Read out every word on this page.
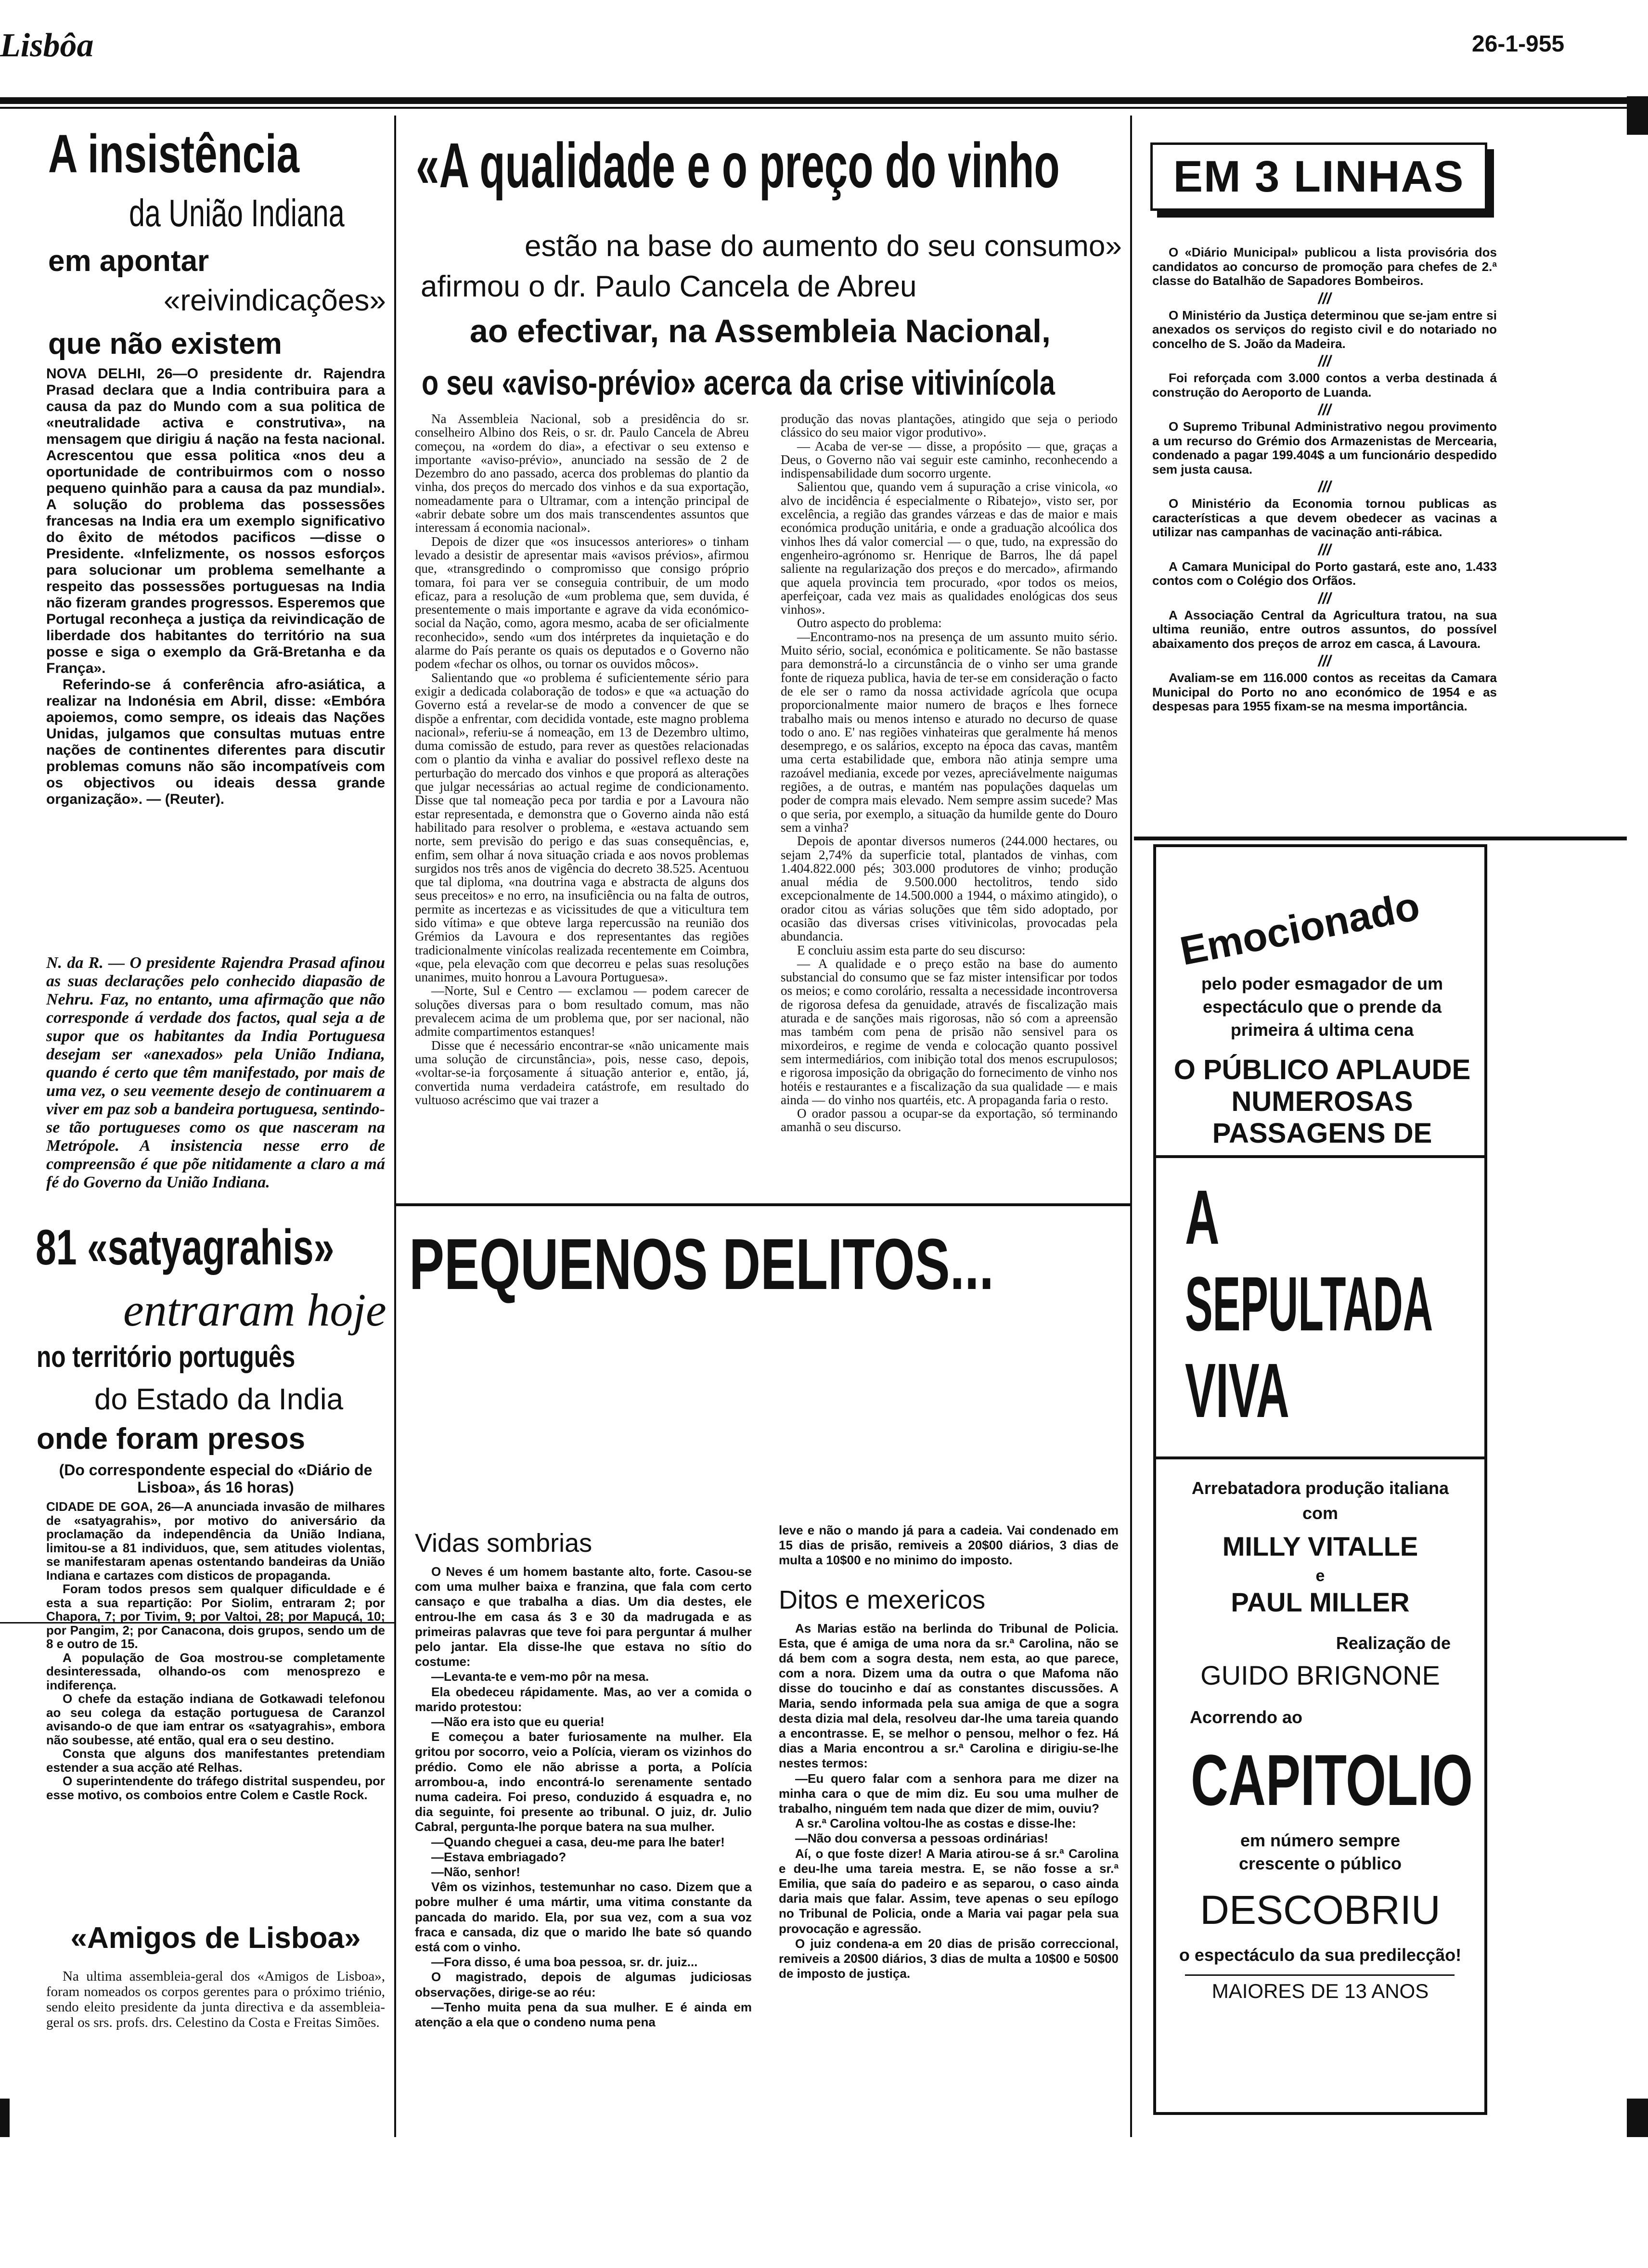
Lisbôa	26-1-955
A insistência
da União Indiana
em apontar
«reivindicações»
que não existem

NOVA DELHI, 26—O presidente dr. Rajendra Prasad declara que a India contribuira para a causa da paz do Mundo com a sua politica de «neutralidade activa e construtiva», na mensagem que dirigiu á nação na festa nacional. Acrescentou que essa politica «nos deu a oportunidade de contribuirmos com o nosso pequeno quinhão para a causa da paz mundial». A solução do problema das possessões francesas na India era um exemplo significativo do êxito de métodos pacificos —disse o Presidente. «Infelizmente, os nossos esforços para solucionar um problema semelhante a respeito das possessões portuguesas na India não fizeram grandes progressos. Esperemos que Portugal reconheça a justiça da reivindicação de liberdade dos habitantes do território na sua posse e siga o exemplo da Grã-Bretanha e da França».

Referindo-se á conferência afro-asiática, a realizar na Indonésia em Abril, disse: «Embóra apoiemos, como sempre, os ideais das Nações Unidas, julgamos que consultas mutuas entre nações de continentes diferentes para discutir problemas comuns não são incompatíveis com os objectivos ou ideais dessa grande organização». — (Reuter).

N. da R. — O presidente Rajendra Prasad afinou as suas declarações pelo conhecido diapasão de Nehru. Faz, no entanto, uma afirmação que não corresponde á verdade dos factos, qual seja a de supor que os habitantes da India Portuguesa desejam ser «anexados» pela União Indiana, quando é certo que têm manifestado, por mais de uma vez, o seu veemente desejo de continuarem a viver em paz sob a bandeira portuguesa, sentindo-se tão portugueses como os que nasceram na Metrópole. A insistencia nesse erro de compreensão é que põe nitidamente a claro a má fé do Governo da União Indiana.
81 «satyagrahis»
entraram hoje
no território português
do Estado da India
onde foram presos
(Do correspondente especial do «Diário de Lisboa», ás 16 horas)

CIDADE DE GOA, 26—A anunciada invasão de milhares de «satyagrahis», por motivo do aniversário da proclamação da independência da União Indiana, limitou-se a 81 individuos, que, sem atitudes violentas, se manifestaram apenas ostentando bandeiras da União Indiana e cartazes com disticos de propaganda.

Foram todos presos sem qualquer dificuldade e é esta a sua repartição: Por Siolim, entraram 2; por Chapora, 7; por Tivim, 9; por Valtoi, 28; por Mapuçá, 10; por Pangim, 2; por Canacona, dois grupos, sendo um de 8 e outro de 15.

A população de Goa mostrou-se completamente desinteressada, olhando-os com menosprezo e indiferença.

O chefe da estação indiana de Gotkawadi telefonou ao seu colega da estação portuguesa de Caranzol avisando-o de que iam entrar os «satyagrahis», embora não soubesse, até então, qual era o seu destino.

Consta que alguns dos manifestantes pretendiam estender a sua acção até Relhas.

O superintendente do tráfego distrital suspendeu, por esse motivo, os comboios entre Colem e Castle Rock.

«Amigos de Lisboa»
Na ultima assembleia-geral dos «Amigos de Lisboa», foram nomeados os corpos gerentes para o próximo triénio, sendo eleito presidente da junta directiva e da assembleia-geral os srs. profs. drs. Celestino da Costa e Freitas Simões.
«A qualidade e o preço do vinho
estão na base do aumento do seu consumo»
afirmou o dr. Paulo Cancela de Abreu
ao efectivar, na Assembleia Nacional,
o seu «aviso-prévio» acerca da crise vitivinícola

Na Assembleia Nacional, sob a presidência do sr. conselheiro Albino dos Reis, o sr. dr. Paulo Cancela de Abreu começou, na «ordem do dia», a efectivar o seu extenso e importante «aviso-prévio», anunciado na sessão de 2 de Dezembro do ano passado, acerca dos problemas do plantio da vinha, dos preços do mercado dos vinhos e da sua exportação, nomeadamente para o Ultramar, com a intenção principal de «abrir debate sobre um dos mais transcendentes assuntos que interessam á economia nacional».

Depois de dizer que «os insucessos anteriores» o tinham levado a desistir de apresentar mais «avisos prévios», afirmou que, «transgredindo o compromisso que consigo próprio tomara, foi para ver se conseguia contribuir, de um modo eficaz, para a resolução de «um problema que, sem duvida, é presentemente o mais importante e agrave da vida económico-social da Nação, como, agora mesmo, acaba de ser oficialmente reconhecido», sendo «um dos intérpretes da inquietação e do alarme do País perante os quais os deputados e o Governo não podem «fechar os olhos, ou tornar os ouvidos môcos».

Salientando que «o problema é suficientemente sério para exigir a dedicada colaboração de todos» e que «a actuação do Governo está a revelar-se de modo a convencer de que se dispõe a enfrentar, com decidida vontade, este magno problema nacional», referiu-se á nomeação, em 13 de Dezembro ultimo, duma comissão de estudo, para rever as questões relacionadas com o plantio da vinha e avaliar do possivel reflexo deste na perturbação do mercado dos vinhos e que proporá as alterações que julgar necessárias ao actual regime de condicionamento. Disse que tal nomeação peca por tardia e por a Lavoura não estar representada, e demonstra que o Governo ainda não está habilitado para resolver o problema, e «estava actuando sem norte, sem previsão do perigo e das suas consequências, e, enfim, sem olhar á nova situação criada e aos novos problemas surgidos nos três anos de vigência do decreto 38.525. Acentuou que tal diploma, «na doutrina vaga e abstracta de alguns dos seus preceitos» e no erro, na insuficiência ou na falta de outros, permite as incertezas e as vicissitudes de que a viticultura tem sido vítima» e que obteve larga repercussão na reunião dos Grémios da Lavoura e dos representantes das regiões tradicionalmente vinícolas realizada recentemente em Coimbra, «que, pela elevação com que decorreu e pelas suas resoluções unanimes, muito honrou a Lavoura Portuguesa».

—Norte, Sul e Centro — exclamou — podem carecer de soluções diversas para o bom resultado comum, mas não prevalecem acima de um problema que, por ser nacional, não admite compartimentos estanques!

Disse que é necessário encontrar-se «não unicamente mais uma solução de circunstância», pois, nesse caso, depois, «voltar-se-ia forçosamente á situação anterior e, então, já, convertida numa verdadeira catástrofe, em resultado do vultuoso acréscimo que vai trazer a

produção das novas plantações, atingido que seja o periodo clássico do seu maior vigor produtivo».

— Acaba de ver-se — disse, a propósito — que, graças a Deus, o Governo não vai seguir este caminho, reconhecendo a indispensabilidade dum socorro urgente.

Salientou que, quando vem á supuração a crise vinicola, «o alvo de incidência é especialmente o Ribatejo», visto ser, por excelência, a região das grandes várzeas e das de maior e mais económica produção unitária, e onde a graduação alcoólica dos vinhos lhes dá valor comercial — o que, tudo, na expressão do engenheiro-agrónomo sr. Henrique de Barros, lhe dá papel saliente na regularização dos preços e do mercado», afirmando que aquela provincia tem procurado, «por todos os meios, aperfeiçoar, cada vez mais as qualidades enológicas dos seus vinhos».

Outro aspecto do problema:

—Encontramo-nos na presença de um assunto muito sério. Muito sério, social, económica e politicamente. Se não bastasse para demonstrá-lo a circunstância de o vinho ser uma grande fonte de riqueza publica, havia de ter-se em consideração o facto de ele ser o ramo da nossa actividade agrícola que ocupa proporcionalmente maior numero de braços e lhes fornece trabalho mais ou menos intenso e aturado no decurso de quase todo o ano. E' nas regiões vinhateiras que geralmente há menos desemprego, e os salários, excepto na época das cavas, mantêm uma certa estabilidade que, embora não atinja sempre uma razoável mediania, excede por vezes, apreciávelmente naigumas regiões, a de outras, e mantém nas populações daquelas um poder de compra mais elevado. Nem sempre assim sucede? Mas o que seria, por exemplo, a situação da humilde gente do Douro sem a vinha?

Depois de apontar diversos numeros (244.000 hectares, ou sejam 2,74% da superficie total, plantados de vinhas, com 1.404.822.000 pés; 303.000 produtores de vinho; produção anual média de 9.500.000 hectolitros, tendo sido excepcionalmente de 14.500.000 a 1944, o máximo atingido), o orador citou as várias soluções que têm sido adoptado, por ocasião das diversas crises vitivinicolas, provocadas pela abundancia.

E concluiu assim esta parte do seu discurso:

— A qualidade e o preço estão na base do aumento substancial do consumo que se faz mister intensificar por todos os meios; e como corolário, ressalta a necessidade incontroversa de rigorosa defesa da genuidade, através de fiscalização mais aturada e de sanções mais rigorosas, não só com a apreensão mas também com pena de prisão não sensivel para os mixordeiros, e regime de venda e colocação quanto possivel sem intermediários, com inibição total dos menos escrupulosos; e rigorosa imposição da obrigação do fornecimento de vinho nos hotéis e restaurantes e a fiscalização da sua qualidade — e mais ainda — do vinho nos quartéis, etc. A propaganda faria o resto.

O orador passou a ocupar-se da exportação, só terminando amanhã o seu discurso.

PEQUENOS DELITOS...
Vidas sombrias

O Neves é um homem bastante alto, forte. Casou-se com uma mulher baixa e franzina, que fala com certo cansaço e que trabalha a dias. Um dia destes, ele entrou-lhe em casa ás 3 e 30 da madrugada e as primeiras palavras que teve foi para perguntar á mulher pelo jantar. Ela disse-lhe que estava no sítio do costume:

—Levanta-te e vem-mo pôr na mesa.

Ela obedeceu rápidamente. Mas, ao ver a comida o marido protestou:

—Não era isto que eu queria!

E começou a bater furiosamente na mulher. Ela gritou por socorro, veio a Polícia, vieram os vizinhos do prédio. Como ele não abrisse a porta, a Polícia arrombou-a, indo encontrá-lo serenamente sentado numa cadeira. Foi preso, conduzido á esquadra e, no dia seguinte, foi presente ao tribunal. O juiz, dr. Julio Cabral, pergunta-lhe porque batera na sua mulher.

—Quando cheguei a casa, deu-me para lhe bater!

—Estava embriagado?

—Não, senhor!

Vêm os vizinhos, testemunhar no caso. Dizem que a pobre mulher é uma mártir, uma vitima constante da pancada do marido. Ela, por sua vez, com a sua voz fraca e cansada, diz que o marido lhe bate só quando está com o vinho.

—Fora disso, é uma boa pessoa, sr. dr. juiz...

O magistrado, depois de algumas judiciosas observações, dirige-se ao réu:

—Tenho muita pena da sua mulher. E é ainda em atenção a ela que o condeno numa pena

leve e não o mando já para a cadeia. Vai condenado em 15 dias de prisão, remiveis a 20$00 diários, 3 dias de multa a 10$00 e no minimo do imposto.
Ditos e mexericos

As Marias estão na berlinda do Tribunal de Policia. Esta, que é amiga de uma nora da sr.ª Carolina, não se dá bem com a sogra desta, nem esta, ao que parece, com a nora. Dizem uma da outra o que Mafoma não disse do toucinho e daí as constantes discussões. A Maria, sendo informada pela sua amiga de que a sogra desta dizia mal dela, resolveu dar-lhe uma tareia quando a encontrasse. E, se melhor o pensou, melhor o fez. Há dias a Maria encontrou a sr.ª Carolina e dirigiu-se-lhe nestes termos:

—Eu quero falar com a senhora para me dizer na minha cara o que de mim diz. Eu sou uma mulher de trabalho, ninguém tem nada que dizer de mim, ouviu?

A sr.ª Carolina voltou-lhe as costas e disse-lhe:

—Não dou conversa a pessoas ordinárias!

Aí, o que foste dizer! A Maria atirou-se á sr.ª Carolina e deu-lhe uma tareia mestra. E, se não fosse a sr.ª Emilia, que saía do padeiro e as separou, o caso ainda daria mais que falar. Assim, teve apenas o seu epílogo no Tribunal de Policia, onde a Maria vai pagar pela sua provocação e agressão.

O juiz condena-a em 20 dias de prisão correccional, remiveis a 20$00 diários, 3 dias de multa a 10$00 e 50$00 de imposto de justiça.

EM 3 LINHAS

O «Diário Municipal» publicou a lista provisória dos candidatos ao concurso de promoção para chefes de 2.ª classe do Batalhão de Sapadores Bombeiros.

///

O Ministério da Justiça determinou que se-jam entre si anexados os serviços do registo civil e do notariado no concelho de S. João da Madeira.

///

Foi reforçada com 3.000 contos a verba destinada á construção do Aeroporto de Luanda.

///

O Supremo Tribunal Administrativo negou provimento a um recurso do Grémio dos Armazenistas de Mercearia, condenado a pagar 199.404$ a um funcionário despedido sem justa causa.

///

O Ministério da Economia tornou publicas as características a que devem obedecer as vacinas a utilizar nas campanhas de vacinação anti-rábica.

///

A Camara Municipal do Porto gastará, este ano, 1.433 contos com o Colégio dos Orfãos.

///

A Associação Central da Agricultura tratou, na sua ultima reunião, entre outros assuntos, do possível abaixamento dos preços de arroz em casca, á Lavoura.

///

Avaliam-se em 116.000 contos as receitas da Camara Municipal do Porto no ano económico de 1954 e as despesas para 1955 fixam-se na mesma importância.

Emocionado
pelo poder esmagador de um espectáculo que o prende da primeira á ultima cena
O PÚBLICO APLAUDE NUMEROSAS PASSAGENS DE
A
SEPULTADA
VIVA
Arrebatadora produção italiana
com
MILLY VITALLE
e
PAUL MILLER
Realização de
GUIDO BRIGNONE
Acorrendo ao
CAPITOLIO
em número sempre crescente o público
DESCOBRIU
o espectáculo da sua predilecção!
MAIORES DE 13 ANOS
